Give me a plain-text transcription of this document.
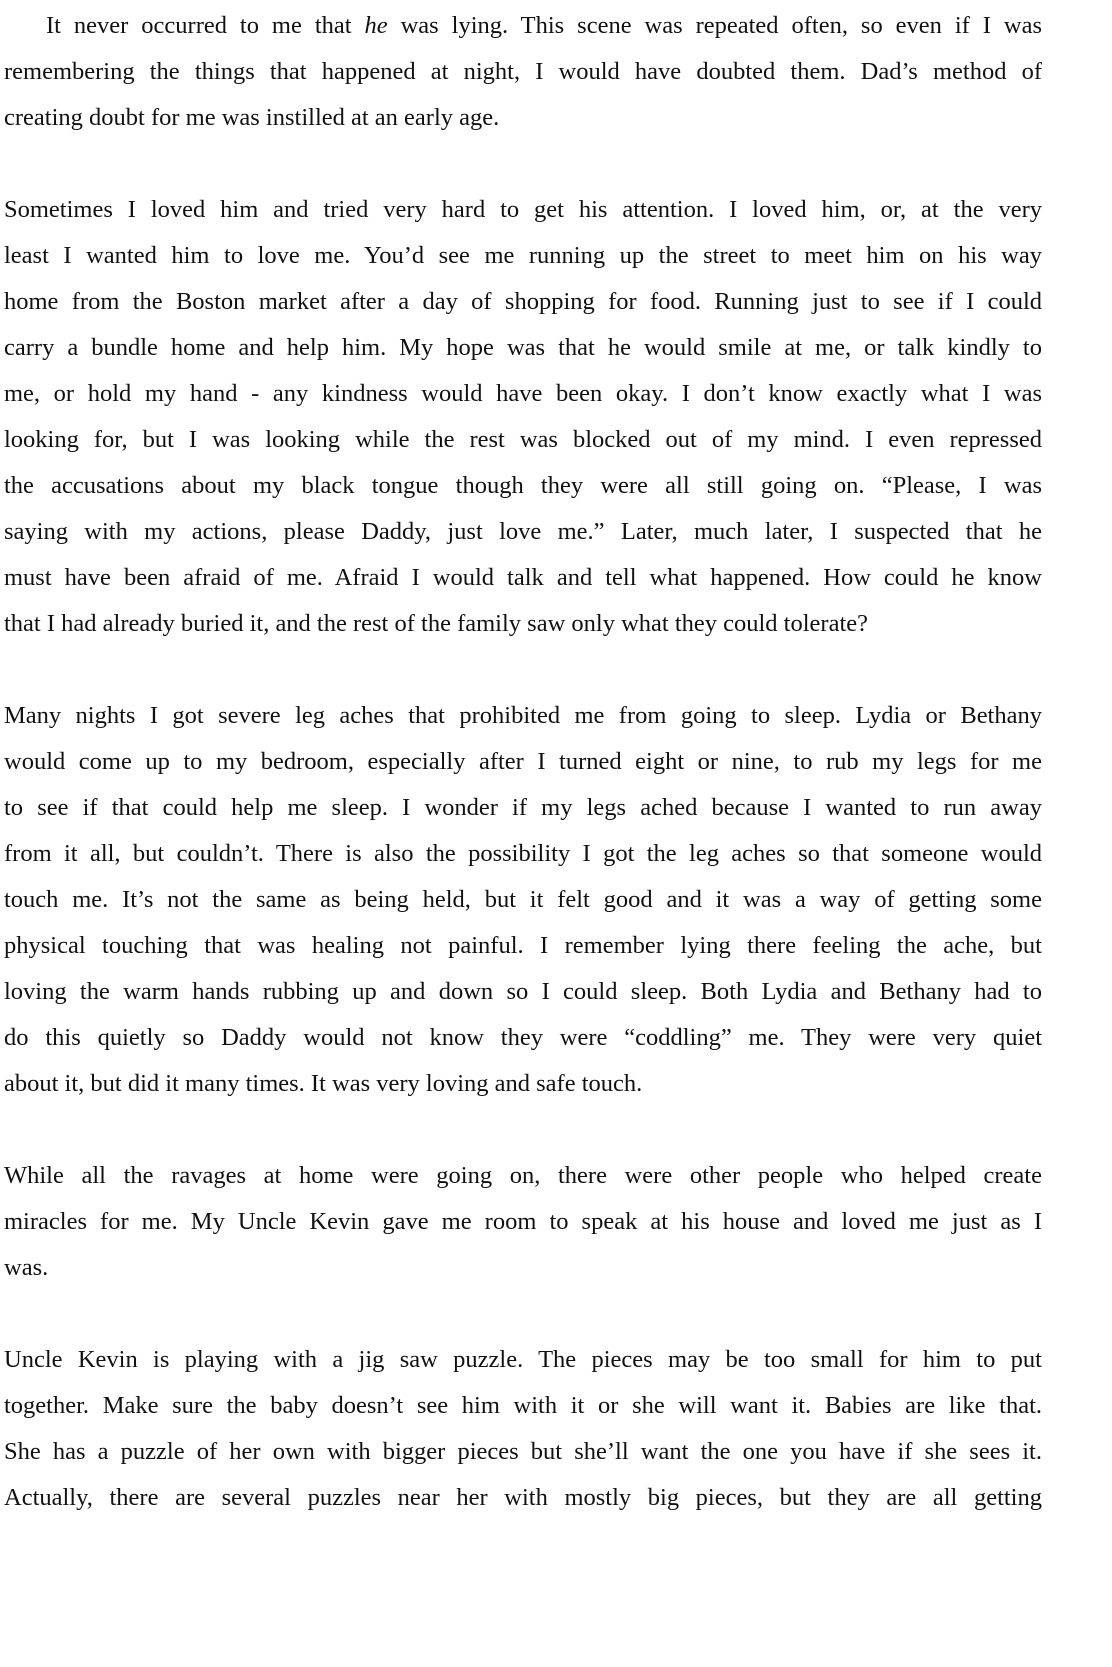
It never occurred to me that he was lying. This scene was repeated often, so even if I was
remembering the things that happened at night, I would have doubted them. Dad’s method of
creating doubt for me was instilled at an early age.
Sometimes I loved him and tried very hard to get his attention. I loved him, or, at the very
least I wanted him to love me. You’d see me running up the street to meet him on his way
home from the Boston market after a day of shopping for food. Running just to see if I could
carry a bundle home and help him. My hope was that he would smile at me, or talk kindly to
me, or hold my hand - any kindness would have been okay. I don’t know exactly what I was
looking for, but I was looking while the rest was blocked out of my mind. I even repressed
the accusations about my black tongue though they were all still going on. “Please, I was
saying with my actions, please Daddy, just love me.” Later, much later, I suspected that he
must have been afraid of me. Afraid I would talk and tell what happened. How could he know
that I had already buried it, and the rest of the family saw only what they could tolerate?
Many nights I got severe leg aches that prohibited me from going to sleep. Lydia or Bethany
would come up to my bedroom, especially after I turned eight or nine, to rub my legs for me
to see if that could help me sleep. I wonder if my legs ached because I wanted to run away
from it all, but couldn’t. There is also the possibility I got the leg aches so that someone would
touch me. It’s not the same as being held, but it felt good and it was a way of getting some
physical touching that was healing not painful. I remember lying there feeling the ache, but
loving the warm hands rubbing up and down so I could sleep. Both Lydia and Bethany had to
do this quietly so Daddy would not know they were “coddling” me. They were very quiet
about it, but did it many times. It was very loving and safe touch.
While all the ravages at home were going on, there were other people who helped create
miracles for me. My Uncle Kevin gave me room to speak at his house and loved me just as I
was.
Uncle Kevin is playing with a jig saw puzzle. The pieces may be too small for him to put
together. Make sure the baby doesn’t see him with it or she will want it. Babies are like that.
She has a puzzle of her own with bigger pieces but she’ll want the one you have if she sees it.
Actually, there are several puzzles near her with mostly big pieces, but they are all getting
